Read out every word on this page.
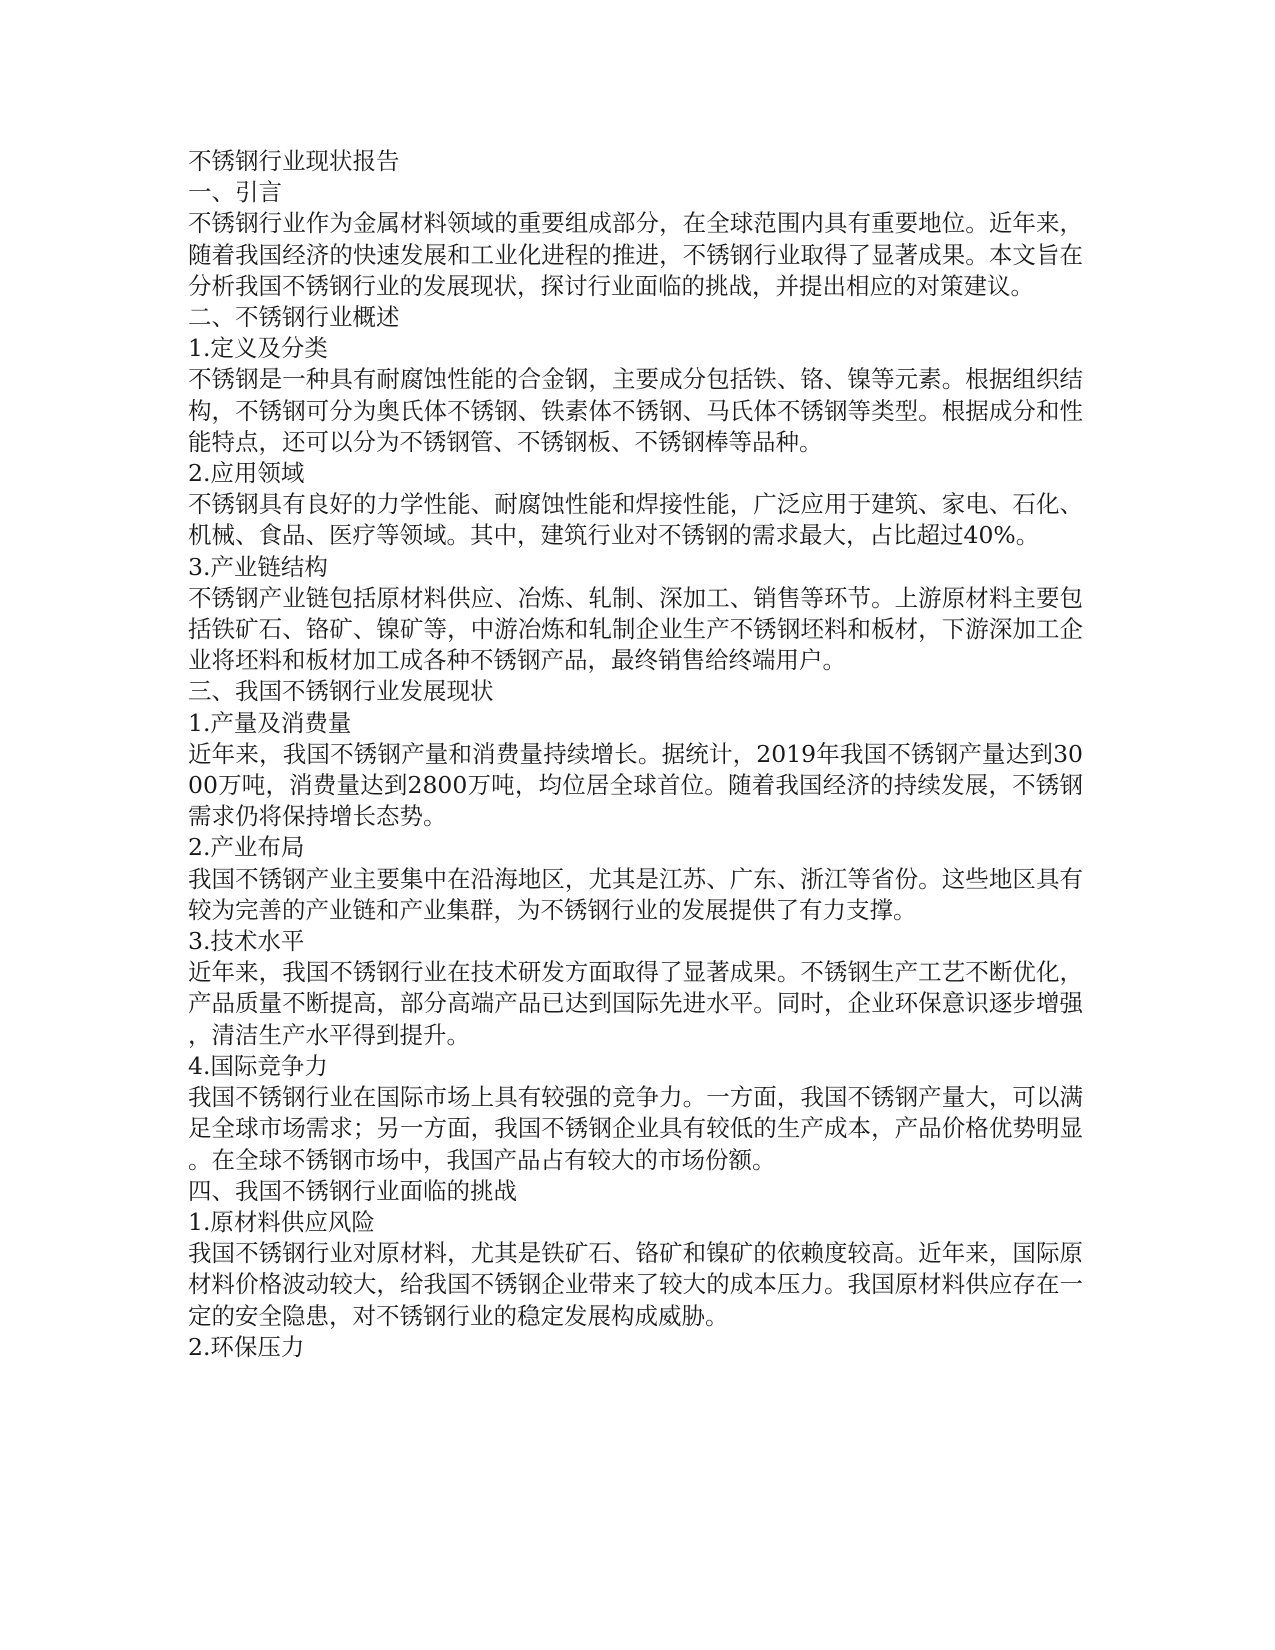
不锈钢行业现状报告

一、引言

不锈钢行业作为金属材料领域的重要组成部分，在全球范围内具有重要地位。近年来，随着我国经济的快速发展和工业化进程的推进，不锈钢行业取得了显著成果。本文旨在分析我国不锈钢行业的发展现状，探讨行业面临的挑战，并提出相应的对策建议。

二、不锈钢行业概述

1.定义及分类

不锈钢是一种具有耐腐蚀性能的合金钢，主要成分包括铁、铬、镍等元素。根据组织结构，不锈钢可分为奥氏体不锈钢、铁素体不锈钢、马氏体不锈钢等类型。根据成分和性能特点，还可以分为不锈钢管、不锈钢板、不锈钢棒等品种。

2.应用领域

不锈钢具有良好的力学性能、耐腐蚀性能和焊接性能，广泛应用于建筑、家电、石化、机械、食品、医疗等领域。其中，建筑行业对不锈钢的需求最大，占比超过40%。

3.产业链结构

不锈钢产业链包括原材料供应、冶炼、轧制、深加工、销售等环节。上游原材料主要包括铁矿石、铬矿、镍矿等，中游冶炼和轧制企业生产不锈钢坯料和板材，下游深加工企业将坯料和板材加工成各种不锈钢产品，最终销售给终端用户。

三、我国不锈钢行业发展现状

1.产量及消费量

近年来，我国不锈钢产量和消费量持续增长。据统计，2019年我国不锈钢产量达到3000万吨，消费量达到2800万吨，均位居全球首位。随着我国经济的持续发展，不锈钢需求仍将保持增长态势。

2.产业布局

我国不锈钢产业主要集中在沿海地区，尤其是江苏、广东、浙江等省份。这些地区具有较为完善的产业链和产业集群，为不锈钢行业的发展提供了有力支撑。

3.技术水平

近年来，我国不锈钢行业在技术研发方面取得了显著成果。不锈钢生产工艺不断优化，产品质量不断提高，部分高端产品已达到国际先进水平。同时，企业环保意识逐步增强，清洁生产水平得到提升。

4.国际竞争力

我国不锈钢行业在国际市场上具有较强的竞争力。一方面，我国不锈钢产量大，可以满足全球市场需求；另一方面，我国不锈钢企业具有较低的生产成本，产品价格优势明显。在全球不锈钢市场中，我国产品占有较大的市场份额。

四、我国不锈钢行业面临的挑战

1.原材料供应风险

我国不锈钢行业对原材料，尤其是铁矿石、铬矿和镍矿的依赖度较高。近年来，国际原材料价格波动较大，给我国不锈钢企业带来了较大的成本压力。我国原材料供应存在一定的安全隐患，对不锈钢行业的稳定发展构成威胁。

2.环保压力
